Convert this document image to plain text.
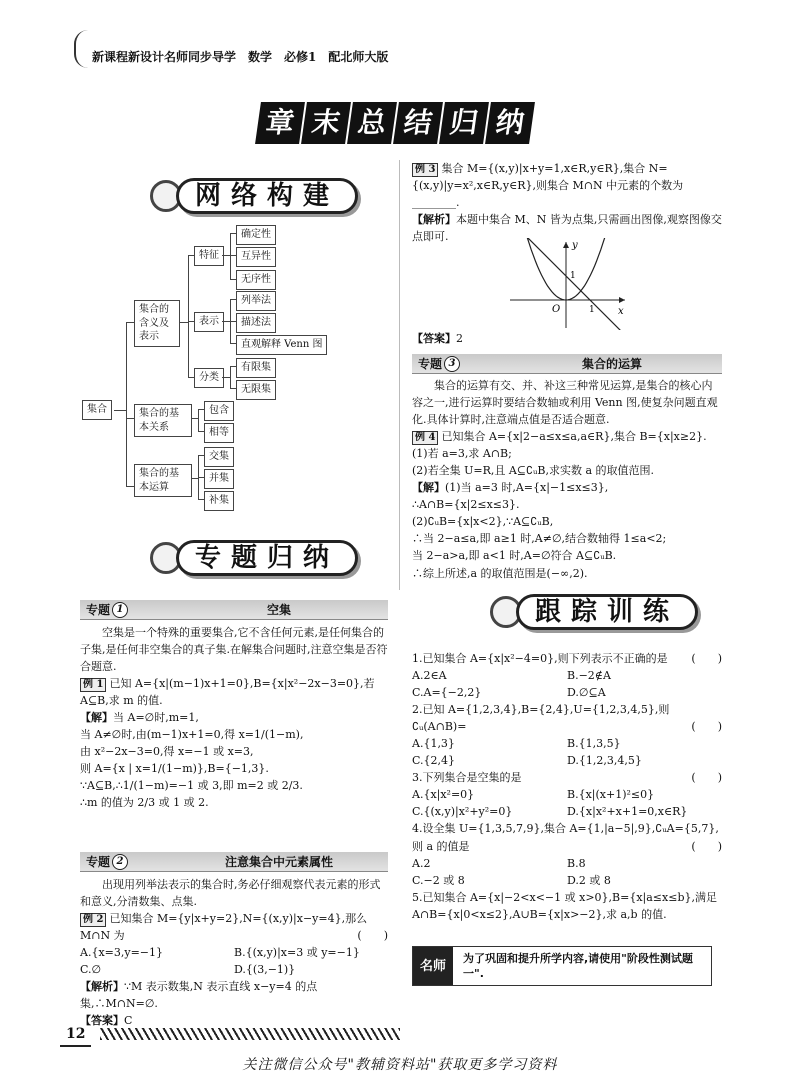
新课程新设计名师同步导学　数学　必修1　配北师大版
章 末 总 结 归 纳
网络构建
集合
集合的含义及表示
特征
确定性
互异性
无序性
表示
列举法
描述法
直观解释 Venn 图
分类
有限集
无限集
集合的基本关系
包含
相等
集合的基本运算
交集
并集
补集
专题归纳
专题 1	空集

空集是一个特殊的重要集合,它不含任何元素,是任何集合的子集,是任何非空集合的真子集.在解集合问题时,注意空集是否符合题意.

例 1 已知 A={x|(m−1)x+1=0},B={x|x²−2x−3=0},若 A⊆B,求 m 的值.

【解】当 A=∅时,m=1,

当 A≠∅时,由(m−1)x+1=0,得 x=1/(1−m),

由 x²−2x−3=0,得 x=−1 或 x=3,

则 A={x | x=1/(1−m)},B={−1,3}.

∵A⊆B,∴1/(1−m)=−1 或 3,即 m=2 或 2/3.

∴m 的值为 2/3 或 1 或 2.

专题 2	注意集合中元素属性

出现用列举法表示的集合时,务必仔细观察代表元素的形式和意义,分清数集、点集.

例 2 已知集合 M={y|x+y=2},N={(x,y)|x−y=4},那么 M∩N 为	(　　)

A.{x=3,y=−1}	B.{(x,y)|x=3 或 y=−1}
C.∅	D.{(3,−1)}

【解析】∵M 表示数集,N 表示直线 x−y=4 的点集,∴M∩N=∅.

【答案】C

例 3 集合 M={(x,y)|x+y=1,x∈R,y∈R},集合 N={(x,y)|y=x²,x∈R,y∈R},则集合 M∩N 中元素的个数为________.

【解析】本题中集合 M、N 皆为点集,只需画出图像,观察图像交点即可.

O	x
y
1
1

【答案】2

专题 3	集合的运算

集合的运算有交、并、补这三种常见运算,是集合的核心内容之一,进行运算时要结合数轴或利用 Venn 图,使复杂问题直观化.具体计算时,注意端点值是否适合题意.

例 4 已知集合 A={x|2−a≤x≤a,a∈R},集合 B={x|x≥2}.

(1)若 a=3,求 A∩B;

(2)若全集 U=R,且 A⊆∁ᵤB,求实数 a 的取值范围.

【解】(1)当 a=3 时,A={x|−1≤x≤3},

∴A∩B={x|2≤x≤3}.

(2)∁ᵤB={x|x<2},∵A⊆∁ᵤB,

∴当 2−a≤a,即 a≥1 时,A≠∅,结合数轴得 1≤a<2;

当 2−a>a,即 a<1 时,A=∅符合 A⊆∁ᵤB.

∴综上所述,a 的取值范围是(−∞,2).

跟踪训练

1.已知集合 A={x|x²−4=0},则下列表示不正确的是 (　　)

A.2∈A	B.−2∉A
C.A={−2,2}	D.∅⊆A

2.已知 A={1,2,3,4},B={2,4},U={1,2,3,4,5},则∁ᵤ(A∩B)=	(　　)

A.{1,3}	B.{1,3,5}
C.{2,4}	D.{1,2,3,4,5}

3.下列集合是空集的是	(　　)

A.{x|x²=0}	B.{x|(x+1)²≤0}
C.{(x,y)|x²+y²=0}	D.{x|x²+x+1=0,x∈R}

4.设全集 U={1,3,5,7,9},集合 A={1,|a−5|,9},∁ᵤA={5,7},则 a 的值是	(　　)

A.2	B.8
C.−2 或 8	D.2 或 8

5.已知集合 A={x|−2<x<−1 或 x>0},B={x|a≤x≤b},满足 A∩B={x|0<x≤2},A∪B={x|x>−2},求 a,b 的值.

名师
为了巩固和提升所学内容,请使用"阶段性测试题一".
12
关注微信公众号"教辅资料站"获取更多学习资料
